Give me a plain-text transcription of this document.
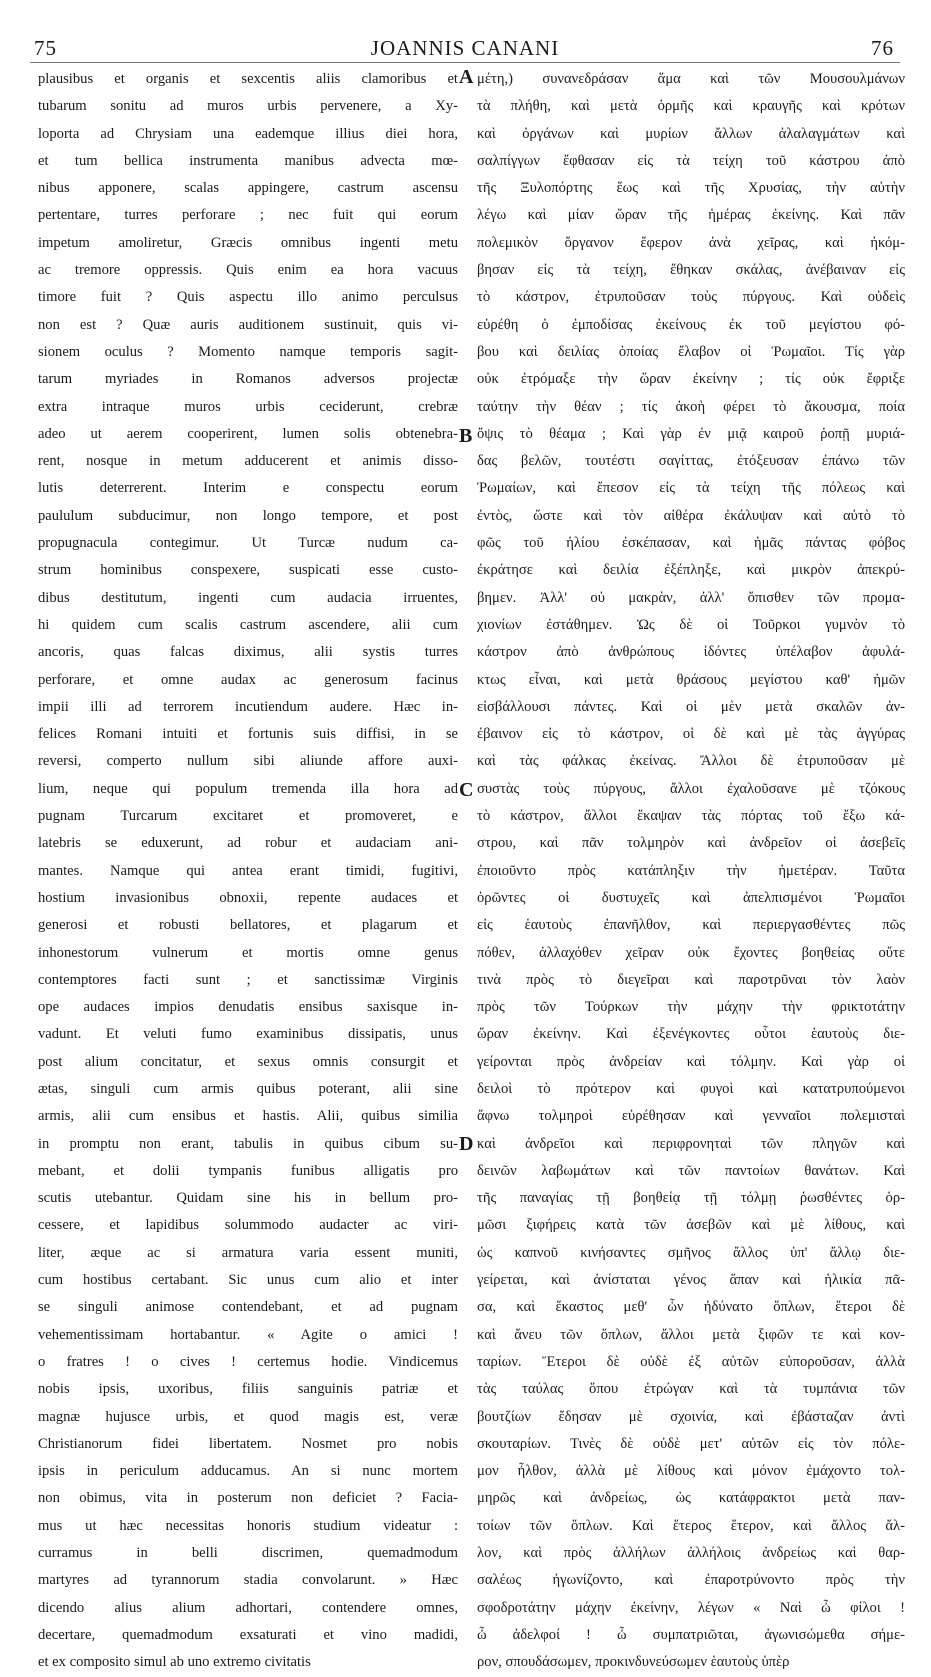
75	JOANNIS CANANI	76
plausibus et organis et sexcentis aliis clamoribus et
tubarum sonitu ad muros urbis pervenere, a Xy-
loporta ad Chrysiam una eademque illius diei hora,
et tum bellica instrumenta manibus advecta mœ-
nibus apponere, scalas appingere, castrum ascensu
pertentare, turres perforare ; nec fuit qui eorum
impetum amoliretur, Græcis omnibus ingenti metu
ac tremore oppressis. Quis enim ea hora vacuus
timore fuit ? Quis aspectu illo animo perculsus
non est ? Quæ auris auditionem sustinuit, quis vi-
sionem oculus ? Momento namque temporis sagit-
tarum myriades in Romanos adversos projectæ
extra intraque muros urbis ceciderunt, crebræ
adeo ut aerem cooperirent, lumen solis obtenebra-
rent, nosque in metum adducerent et animis disso-
lutis deterrerent. Interim e conspectu eorum
paululum subducimur, non longo tempore, et post
propugnacula contegimur. Ut Turcæ nudum ca-
strum hominibus conspexere, suspicati esse custo-
dibus destitutum, ingenti cum audacia irruentes,
hi quidem cum scalis castrum ascendere, alii cum
ancoris, quas falcas diximus, alii systis turres
perforare, et omne audax ac generosum facinus
impii illi ad terrorem incutiendum audere. Hæc in-
felices Romani intuiti et fortunis suis diffisi, in se
reversi, comperto nullum sibi aliunde affore auxi-
lium, neque qui populum tremenda illa hora ad
pugnam Turcarum excitaret et promoveret, e
latebris se eduxerunt, ad robur et audaciam ani-
mantes. Namque qui antea erant timidi, fugitivi,
hostium invasionibus obnoxii, repente audaces et
generosi et robusti bellatores, et plagarum et
inhonestorum vulnerum et mortis omne genus
contemptores facti sunt ; et sanctissimæ Virginis
ope audaces impios denudatis ensibus saxisque in-
vadunt. Et veluti fumo examinibus dissipatis, unus
post alium concitatur, et sexus omnis consurgit et
ætas, singuli cum armis quibus poterant, alii sine
armis, alii cum ensibus et hastis. Alii, quibus similia
in promptu non erant, tabulis in quibus cibum su-
mebant, et dolii tympanis funibus alligatis pro
scutis utebantur. Quidam sine his in bellum pro-
cessere, et lapidibus solummodo audacter ac viri-
liter, æque ac si armatura varia essent muniti,
cum hostibus certabant. Sic unus cum alio et inter
se singuli animose contendebant, et ad pugnam
vehementissimam hortabantur. « Agite o amici !
o fratres ! o cives ! certemus hodie. Vindicemus
nobis ipsis, uxoribus, filiis sanguinis patriæ et
magnæ hujusce urbis, et quod magis est, veræ
Christianorum fidei libertatem. Nosmet pro nobis
ipsis in periculum adducamus. An si nunc mortem
non obimus, vita in posterum non deficiet ? Facia-
mus ut hæc necessitas honoris studium videatur :
curramus in belli discrimen, quemadmodum
martyres ad tyrannorum stadia convolarunt. » Hæc
dicendo alius alium adhortari, contendere omnes,
decertare, quemadmodum exsaturati et vino madidi,
et ex composito simul ab uno extremo civitatis
μέτη,) συνανεδράσαν ἅμα καὶ τῶν Μουσουλμάνων
τὰ πλήθη, καὶ μετὰ ὁρμῆς καὶ κραυγῆς καὶ κρότων
καὶ ὀργάνων καὶ μυρίων ἄλλων ἀλαλαγμάτων καὶ
σαλπίγγων ἔφθασαν εἰς τὰ τείχη τοῦ κάστρου ἀπὸ
τῆς Ξυλοπόρτης ἕως καὶ τῆς Χρυσίας, τὴν αὐτὴν
λέγω καὶ μίαν ὥραν τῆς ἡμέρας ἐκείνης. Καὶ πᾶν
πολεμικὸν ὄργανον ἔφερον ἀνὰ χεῖρας, καὶ ἠκόμ-
βησαν εἰς τὰ τείχη, ἔθηκαν σκάλας, ἀνέβαιναν εἰς
τὸ κάστρον, ἐτρυποῦσαν τοὺς πύργους. Καὶ οὐδεὶς
εὑρέθη ὁ ἐμποδίσας ἐκείνους ἐκ τοῦ μεγίστου φό-
βου καὶ δειλίας ὁποίας ἔλαβον οἱ Ῥωμαῖοι. Τίς γὰρ
οὐκ ἐτρόμαξε τὴν ὥραν ἐκείνην ; τίς οὐκ ἔφριξε
ταύτην τὴν θέαν ; τίς ἀκοὴ φέρει τὸ ἄκουσμα, ποία
ὄψις τὸ θέαμα ; Καὶ γὰρ ἐν μιᾷ καιροῦ ῥοπῇ μυριά-
δας βελῶν, τουτέστι σαγίττας, ἐτόξευσαν ἐπάνω τῶν
Ῥωμαίων, καὶ ἔπεσον εἰς τὰ τείχη τῆς πόλεως καὶ
ἐντὸς, ὥστε καὶ τὸν αἰθέρα ἐκάλυψαν καὶ αὐτὸ τὸ
φῶς τοῦ ἡλίου ἐσκέπασαν, καὶ ἡμᾶς πάντας φόβος
ἐκράτησε καὶ δειλία ἐξέπληξε, καὶ μικρὸν ἀπεκρύ-
βημεν. Ἀλλ' οὐ μακρὰν, ἀλλ' ὄπισθεν τῶν προμα-
χιονίων ἐστάθημεν. Ὡς δὲ οἱ Τοῦρκοι γυμνὸν τὸ
κάστρον ἀπὸ ἀνθρώπους ἰδόντες ὑπέλαβον ἀφυλά-
κτως εἶναι, καὶ μετὰ θράσους μεγίστου καθ' ἡμῶν
εἰσβάλλουσι πάντες. Καὶ οἱ μὲν μετὰ σκαλῶν ἀν-
έβαινον εἰς τὸ κάστρον, οἱ δὲ καὶ μὲ τὰς ἀγγύρας
καὶ τὰς φάλκας ἐκείνας. Ἄλλοι δὲ ἐτρυποῦσαν μὲ
συστὰς τοὺς πύργους, ἄλλοι ἐχαλοῦσανε μὲ τζόκους
τὸ κάστρον, ἄλλοι ἔκαψαν τὰς πόρτας τοῦ ἔξω κά-
στρου, καὶ πᾶν τολμηρὸν καὶ ἀνδρεῖον οἱ ἀσεβεῖς
ἐποιοῦντο πρὸς κατάπληξιν τὴν ἡμετέραν. Ταῦτα
ὁρῶντες οἱ δυστυχεῖς καὶ ἀπελπισμένοι Ῥωμαῖοι
εἰς ἑαυτοὺς ἐπανῆλθον, καὶ περιεργασθέντες πῶς
πόθεν, ἀλλαχόθεν χεῖραν οὐκ ἔχοντες βοηθείας οὔτε
τινὰ πρὸς τὸ διεγεῖραι καὶ παροτρῦναι τὸν λαὸν
πρὸς τῶν Τούρκων τὴν μάχην τὴν φρικτοτάτην
ὥραν ἐκείνην. Καὶ ἐξενέγκοντες οὗτοι ἑαυτοὺς διε-
γείρονται πρὸς ἀνδρείαν καὶ τόλμην. Καὶ γὰρ οἱ
δειλοὶ τὸ πρότερον καὶ φυγοὶ καὶ κατατρυπούμενοι
ἄφνω τολμηροὶ εὑρέθησαν καὶ γενναῖοι πολεμισταὶ
καὶ ἀνδρεῖοι καὶ περιφρονηταὶ τῶν πληγῶν καὶ
δεινῶν λαβωμάτων καὶ τῶν παντοίων θανάτων. Καὶ
τῆς παναγίας τῇ βοηθείᾳ τῇ τόλμῃ ῥωσθέντες ὁρ-
μῶσι ξιφήρεις κατὰ τῶν ἀσεβῶν καὶ μὲ λίθους, καὶ
ὡς καπνοῦ κινήσαντες σμῆνος ἄλλος ὑπ' ἄλλῳ διε-
γείρεται, καὶ ἀνίσταται γένος ἅπαν καὶ ἡλικία πᾶ-
σα, καὶ ἕκαστος μεθ' ὧν ἠδύνατο ὅπλων, ἕτεροι δὲ
καὶ ἄνευ τῶν ὅπλων, ἄλλοι μετὰ ξιφῶν τε καὶ κον-
ταρίων. Ἕτεροι δὲ οὐδὲ ἐξ αὐτῶν εὐποροῦσαν, ἀλλὰ
τὰς ταύλας ὅπου ἐτρώγαν καὶ τὰ τυμπάνια τῶν
βουτζίων ἔδησαν μὲ σχοινία, καὶ ἐβάσταζαν ἀντὶ
σκουταρίων. Τινὲς δὲ οὐδὲ μετ' αὐτῶν εἰς τὸν πόλε-
μον ἦλθον, ἀλλὰ μὲ λίθους καὶ μόνον ἐμάχοντο τολ-
μηρῶς καὶ ἀνδρείως, ὡς κατάφρακτοι μετὰ παν-
τοίων τῶν ὅπλων. Καὶ ἕτερος ἕτερον, καὶ ἄλλος ἄλ-
λον, καὶ πρὸς ἀλλήλων ἀλλήλοις ἀνδρείως καὶ θαρ-
σαλέως ἠγωνίζοντο, καὶ ἐπαροτρύνοντο πρὸς τὴν
σφοδροτάτην μάχην ἐκείνην, λέγων « Ναὶ ὦ φίλοι !
ὦ ἀδελφοί ! ὦ συμπατριῶται, ἀγωνισώμεθα σήμε-
ρον, σπουδάσωμεν, προκινδυνεύσωμεν ἑαυτοὺς ὑπὲρ
A
B
C
D
